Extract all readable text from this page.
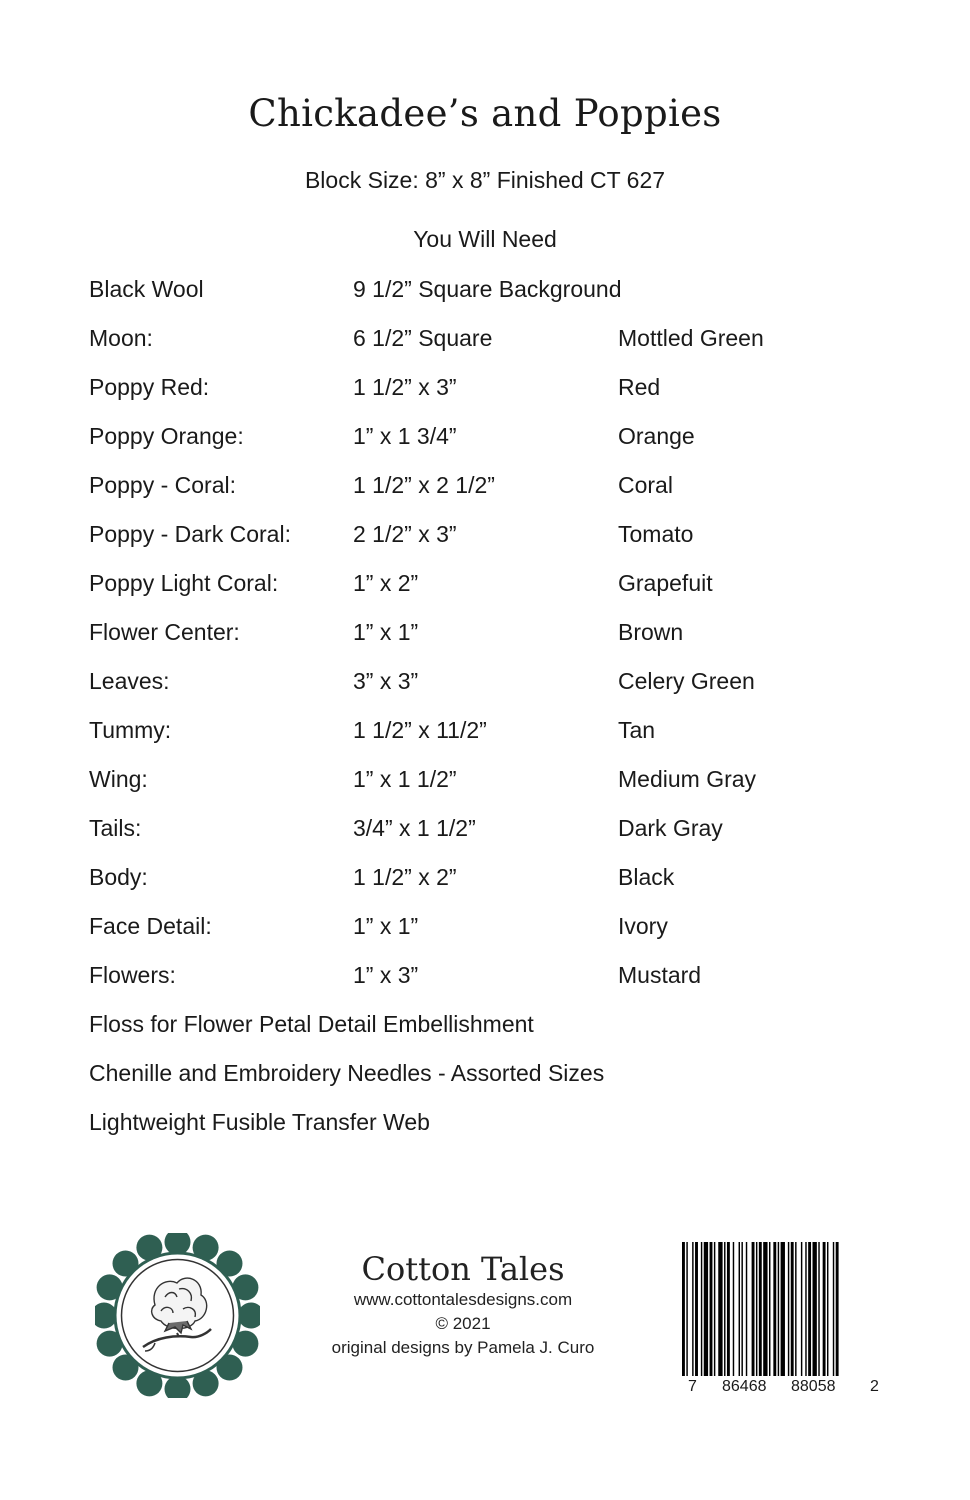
Chickadee’s and Poppies
Block Size: 8” x 8” Finished CT 627
You Will Need
Black Wool	9 1/2” Square Background
Moon:	6 1/2” Square	Mottled Green
Poppy Red:	1 1/2” x 3”	Red
Poppy Orange:	1” x 1 3/4”	Orange
Poppy - Coral:	1 1/2” x 2 1/2”	Coral
Poppy - Dark Coral:	2 1/2” x 3”	Tomato
Poppy Light Coral:	1” x 2”	Grapefuit
Flower Center:	1” x 1”	Brown
Leaves:	3” x 3”	Celery Green
Tummy:	1 1/2” x 11/2”	Tan
Wing:	1” x 1 1/2”	Medium Gray
Tails:	3/4” x 1 1/2”	Dark Gray
Body:	1 1/2” x 2”	Black
Face Detail:	1” x 1”	Ivory
Flowers:	1” x 3”	Mustard
Floss for Flower Petal Detail Embellishment
Chenille and Embroidery Needles - Assorted Sizes
Lightweight Fusible Transfer Web
Cotton Tales
www.cottontalesdesigns.com
© 2021
original designs by Pamela J. Curo
7 86468 88058 2
